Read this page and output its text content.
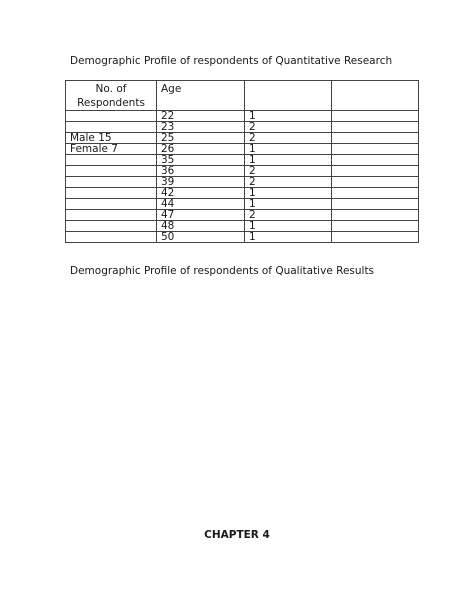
Demographic Profile of respondents of Quantitative Research
No. of
Respondents	Age		
	22	1	
	23	2	
Male 15	25	2	
Female 7	26	1	
	35	1	
	36	2	
	39	2	
	42	1	
	44	1	
	47	2	
	48	1	
	50	1	
Demographic Profile of respondents of Qualitative Results
CHAPTER 4
